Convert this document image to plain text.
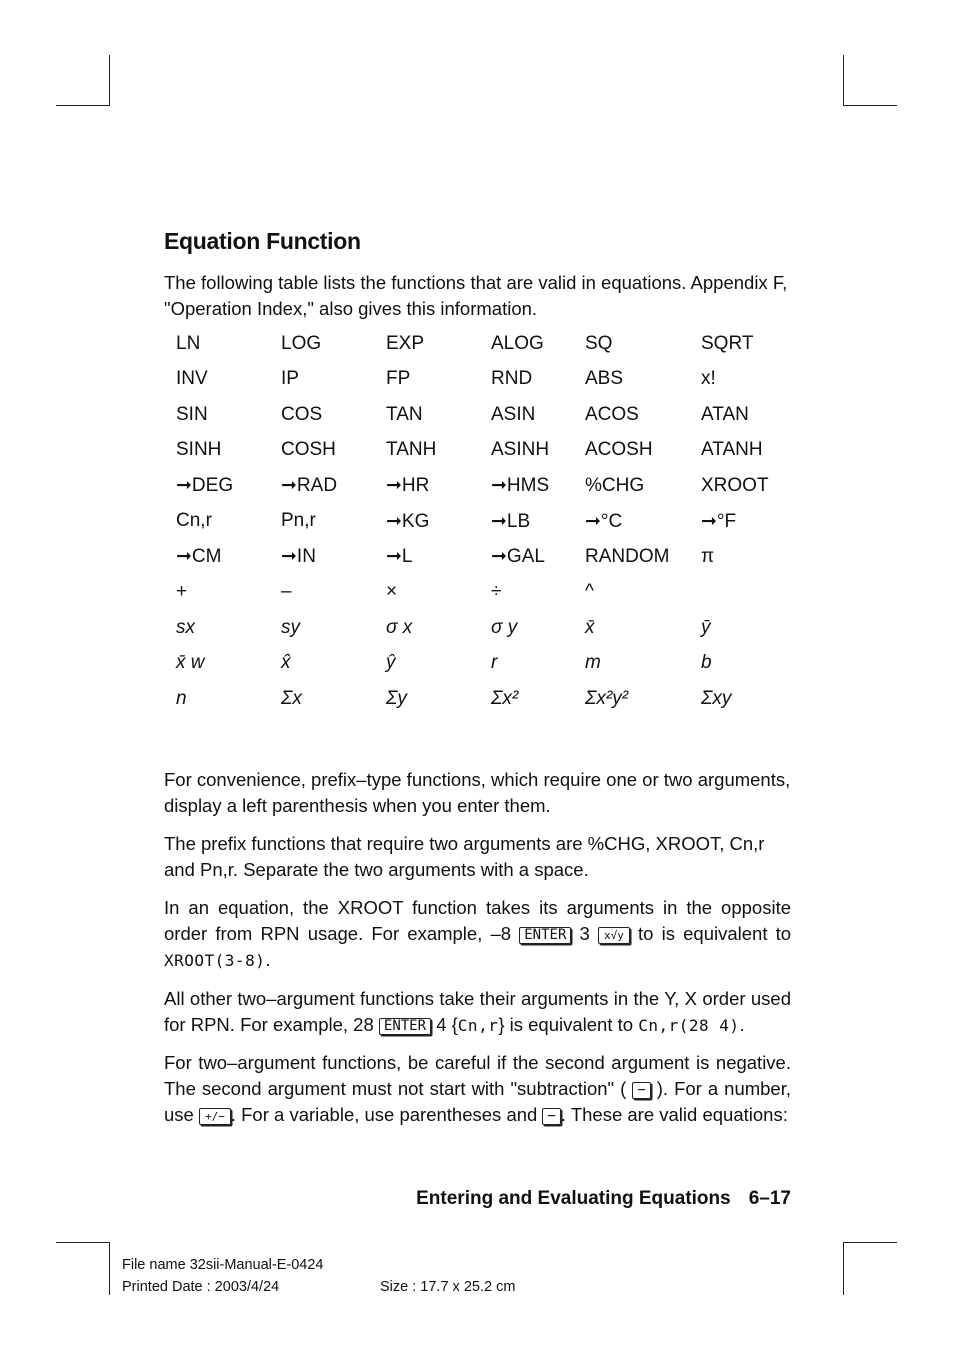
Equation Function

The following table lists the functions that are valid in equations. Appendix F, "Operation Index," also gives this information.

LN	LOG	EXP	ALOG	SQ	SQRT
INV	IP	FP	RND	ABS	x!
SIN	COS	TAN	ASIN	ACOS	ATAN
SINH	COSH	TANH	ASINH	ACOSH	ATANH
➞DEG	➞RAD	➞HR	➞HMS	%CHG	XROOT
Cn,r	Pn,r	➞KG	➞LB	➞°C	➞°F
➞CM	➞IN	➞L	➞GAL	RANDOM	π
+	–	×	÷	^	
sx	sy	σ x	σ y	x̄	ȳ
x̄ w	x̂	ŷ	r	m	b
n	Σx	Σy	Σx²	Σx²y²	Σxy

For convenience, prefix–type functions, which require one or two arguments, display a left parenthesis when you enter them.

The prefix functions that require two arguments are %CHG, XROOT, Cn,r and Pn,r. Separate the two arguments with a space.

In an equation, the XROOT function takes its arguments in the opposite order from RPN usage. For example, –8 ENTER 3 x√y to is equivalent to XROOT(3-8).

All other two–argument functions take their arguments in the Y, X order used for RPN. For example, 28 ENTER 4 {Cn,r} is equivalent to Cn,r(28 4).

For two–argument functions, be careful if the second argument is negative. The second argument must not start with "subtraction" ( − ). For a number, use +/− . For a variable, use parentheses and − . These are valid equations:

Entering and Evaluating Equations 6–17
File name 32sii-Manual-E-0424
Printed Date : 2003/4/24	Size : 17.7 x 25.2 cm
